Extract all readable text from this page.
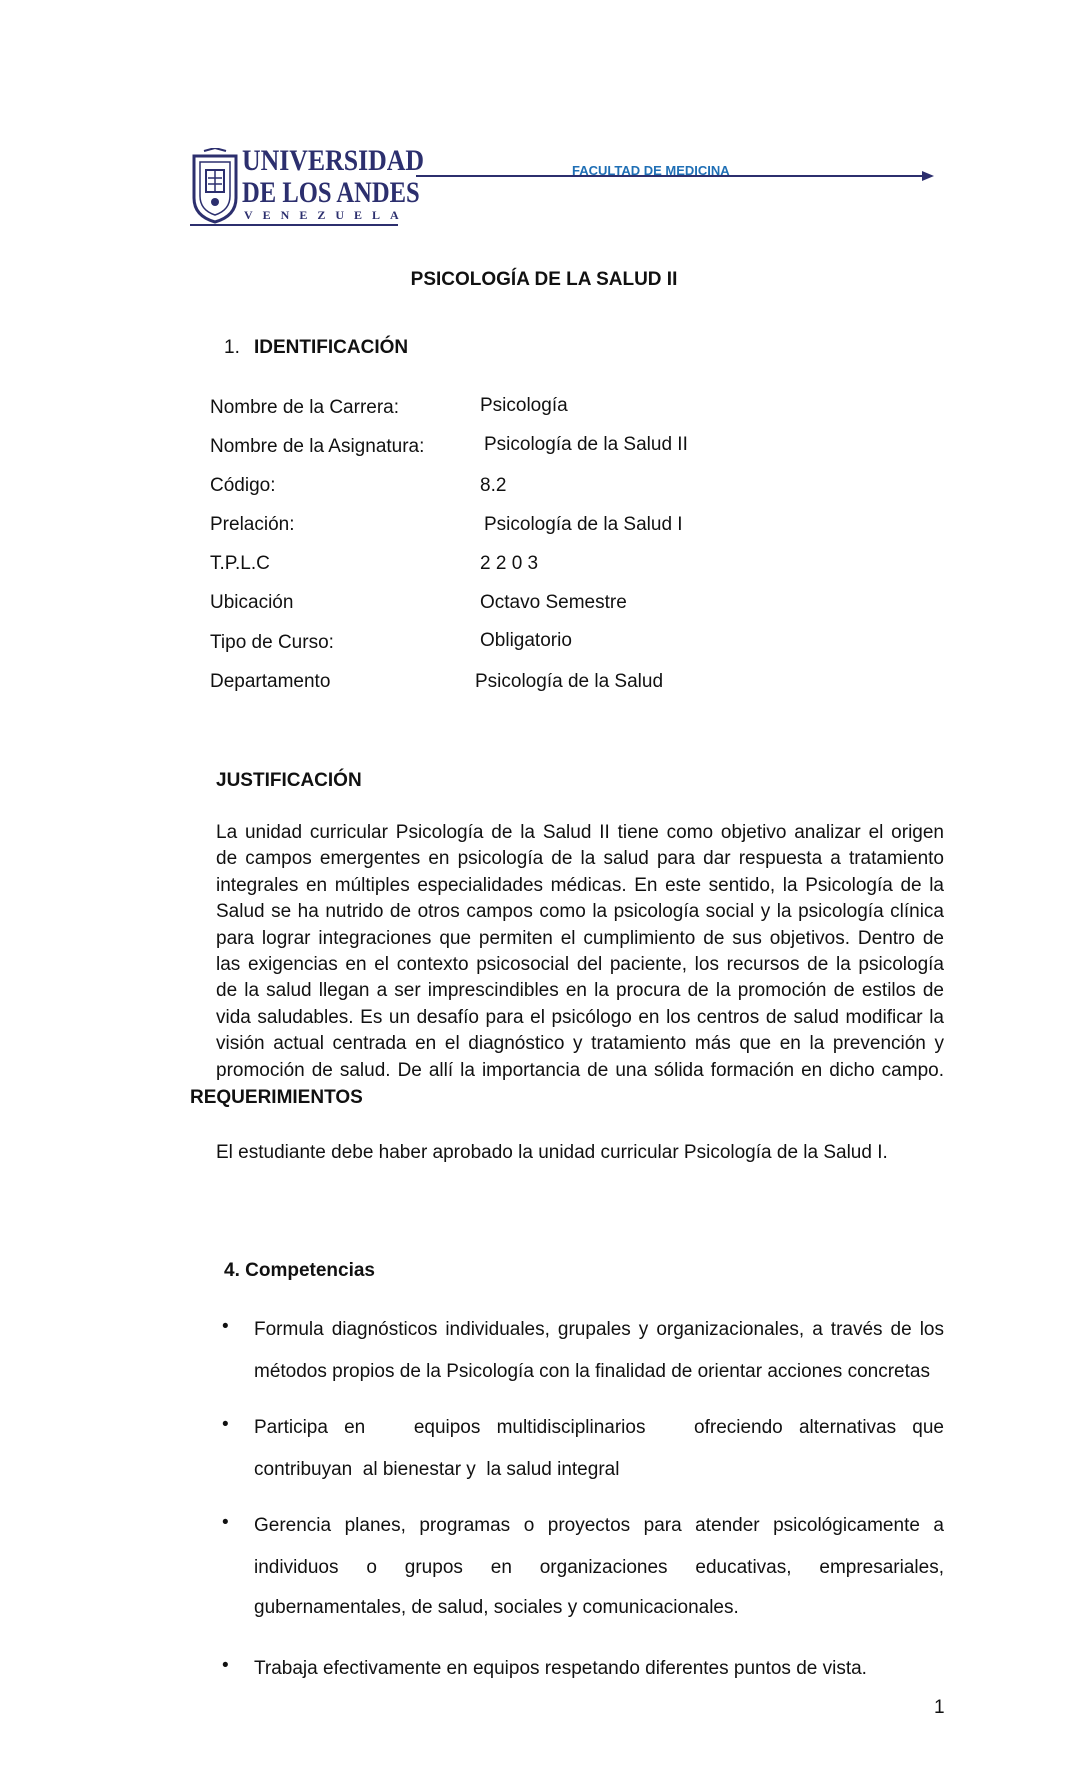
UNIVERSIDAD
DE LOS ANDES
VENEZUELA
FACULTAD DE MEDICINA
PSICOLOGÍA DE LA SALUD II
1. IDENTIFICACIÓN
Nombre de la Carrera:	Psicología
Nombre de la Asignatura:	Psicología de la Salud II
Código:	8.2
Prelación:	Psicología de la Salud I
T.P.L.C	2 2 0 3
Ubicación	Octavo Semestre
Tipo de Curso:	Obligatorio
Departamento	Psicología de la Salud
JUSTIFICACIÓN
La unidad curricular Psicología de la Salud II tiene como objetivo analizar el origen
de campos emergentes en psicología de la salud para dar respuesta a tratamiento
integrales en múltiples especialidades médicas. En este sentido, la Psicología de la
Salud se ha nutrido de otros campos como la psicología social y la psicología clínica
para lograr integraciones que permiten el cumplimiento de sus objetivos. Dentro de
las exigencias en el contexto psicosocial del paciente, los recursos de la psicología
de la salud llegan a ser imprescindibles en la procura de la promoción de estilos de
vida saludables. Es un desafío para el psicólogo en los centros de salud modificar la
visión actual centrada en el diagnóstico y tratamiento más que en la prevención y
promoción de salud. De allí la importancia de una sólida formación en dicho campo.
REQUERIMIENTOS
El estudiante debe haber aprobado la unidad curricular Psicología de la Salud I.
4. Competencias
• Formula diagnósticos individuales, grupales y organizacionales, a través de los
métodos propios de la Psicología con la finalidad de orientar acciones concretas
• Participa en   equipos multidisciplinarios   ofreciendo alternativas que
contribuyan  al bienestar y  la salud integral
• Gerencia planes, programas o proyectos para atender psicológicamente a
individuos o grupos en organizaciones educativas, empresariales,
gubernamentales, de salud, sociales y comunicacionales.
• Trabaja efectivamente en equipos respetando diferentes puntos de vista.
1
